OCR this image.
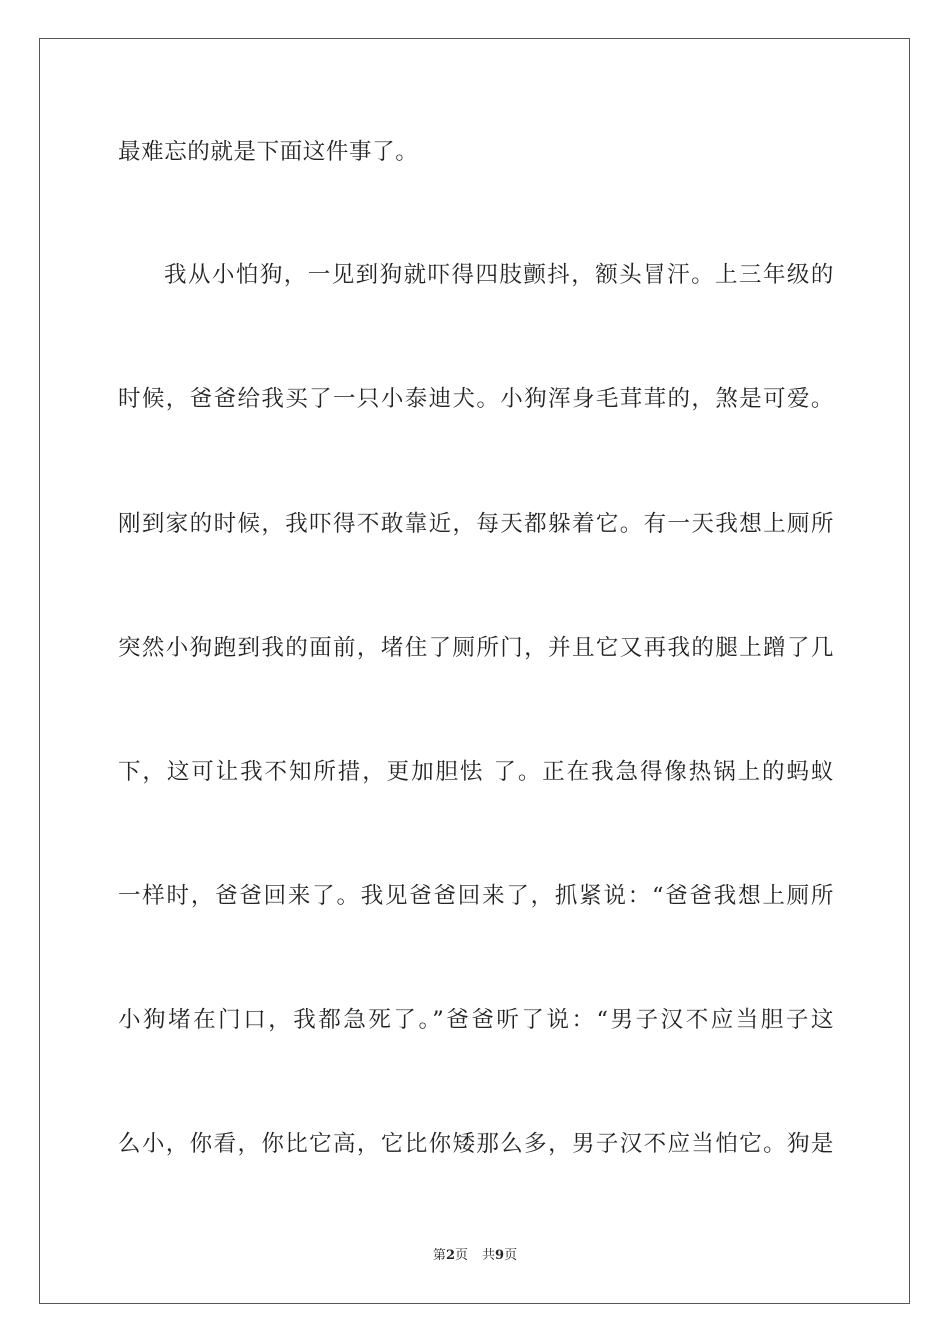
最难忘的就是下面这件事了。
我从小怕狗，一见到狗就吓得四肢颤抖，额头冒汗。上三年级的
时候，爸爸给我买了一只小泰迪犬。小狗浑身毛茸茸的，煞是可爱。
刚到家的时候，我吓得不敢靠近，每天都躲着它。有一天我想上厕所
突然小狗跑到我的面前，堵住了厕所门，并且它又再我的腿上蹭了几
下，这可让我不知所措，更加胆怯 了。正在我急得像热锅上的蚂蚁
一样时，爸爸回来了。我见爸爸回来了，抓紧说：“爸爸我想上厕所
小狗堵在门口，我都急死了。”爸爸听了说：“男子汉不应当胆子这
么小，你看，你比它高，它比你矮那么多，男子汉不应当怕它。狗是
第2页 共9页
